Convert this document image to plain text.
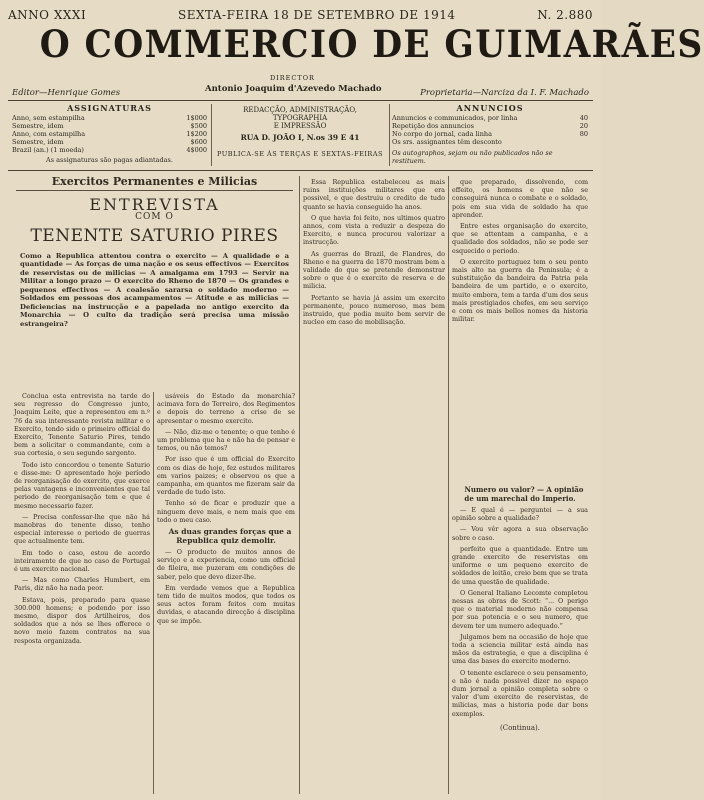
ANNO XXXI	SEXTA-FEIRA 18 DE SETEMBRO DE 1914	N. 2.880
O COMMERCIO DE GUIMARÃES
DIRECTOR
Antonio Joaquim d'Azevedo Machado
Editor—Henrique Gomes	Proprietaria—Narciza da I. F. Machado
ASSIGNATURAS
Anno, sem estampilha	1$000
Semestre, idem	$500
Anno, com estampilha	1$200
Semestre, idem	$600
Brazil (an.) (1 moeda)	4$000
As assignaturas são pagas adiantadas.
REDACÇÃO, ADMINISTRAÇÃO, TYPOGRAPHIA
E IMPRESSÃO
RUA D. JOÃO I, N.os 39 E 41
PUBLICA-SE ÁS TERÇAS E SEXTAS-FEIRAS
ANNUNCIOS
Annuncios e communicados, por linha	40
Repetição dos annuncios	20
No corpo do jornal, cada linha	80
Os srs. assignantes têm desconto
Os autographos, sejam ou não publicados não se restituem.
Exercitos Permanentes e Milicias
ENTREVISTA
COM O
TENENTE SATURIO PIRES
Como a Republica attentou contra o exercito — A qualidade e a quantidade — As forças de uma nação e os seus effectivos — Exercitos de reservistas ou de milicias — A amalgama em 1793 — Servir na Militar a longo prazo — O exercito do Rheno de 1870 — Os grandes e pequenos effectivos — A coalesão sararsa o soldado moderno — Soldados em pessoas dos acampamentos — Atitude e as milicias — Deficiencias na instrucção e a papelada no antigo exercito da Monarchia — O culto da tradição será precisa uma missão estrangeira?

Conclua esta entrevista na tarde do seu regresso do Congresso junto, Joaquim Leite, que a representou em n.º 76 da sua interessante revista militar e o Exercito, tendo sido o primeiro official do Exercito, Tenente Saturio Pires, tendo bem a solicitar o commandante, com a sua cortesia, o seu segundo sargento.

Todo isto concordou o tenente Saturio e disse-me: O apresentado hoje período de reorganisação do exercito, que exerce pelas vantagens e inconvenientes que tal periodo de reorganisação tem e que é mesmo necessario fazer.

— Precisa confessar-lhe que não há manobras do tenente disso, tenho especial interesse o periodo de guerras que actualmente tem.

Em todo o caso, estou de acordo inteiramente de que no caso de Portugal é um exercito nacional.

— Mas como Charles Humbert, em Paris, diz não ha nada peor.

Estava, pois, preparado para quase 300.000 homens; e podendo por isso mesmo, dispor dos Artilheiros, dos soldados que a nós se lhes offerece o novo meio fazem contratos na sua resposta organizada.

usáveis do Estado da monarchia? acimava fora do Terreiro, dos Regimentos e depois do terreno a crise de se apresentar o mesmo exercito.

— Não, diz-me o tenente; o que tenho é um problema que ha e não ha de pensar e temos, ou não temos?

Por isso que é um official do Exercito com os dias de hoje, fez estudos militares em varios paizes; e observou os que a campanha, em quantos me fizeram sair da verdade de tudo isto.

Tenho só de ficar e produzir que a ninguem deve mais, e nem mais que em todo o meu caso.

As duas grandes forças que a Republica quiz demolir.

— O producto de muitos annos de serviço e a experiencia, como um official de fileira, me puzeram em condições de saber, pelo que devo dizer-lhe.

Em verdade vemos que a Republica tem tido de muitos modos, que todos os seus actos foram feitos com muitas duvidas, e atacando direcção á disciplina que se impõe.

Essa Republica estabeleceu as mais ruins instituições militares que era possivel, e que destruiu o credito de tudo quanto se havia conseguido ha anos.

O que havia foi feito, nos ultimos quatro annos, com vista a reduzir a despeza do Exercito, e nunca procurou valorizar a instrucção.

As guerras do Brazil, de Flandres, do Rheno e na guerra de 1870 mostram bem a validade do que se pretende demonstrar sobre o que é o exercito de reserva e de milicia.

Portanto se havia já assim um exercito permanente, pouco numeroso, mas bem instruido, que podia muito bem servir de nucleo em caso de mobilisação.

que preparado, dissolvendo, com effeito, os homens e que não se conseguirá nunca o combate e o soldado, pois em sua vida de soldado ha que aprender.

Entre estes organisação do exercito, que se attentam a campanha, e a qualidade dos soldados, não se pode ser esquecido o periodo.

O exercito portuguez tem o seu ponto mais alto na guerra da Peninsula; é a substituição da bandeira da Patria pela bandeira de um partido, e o exercito, muito embora, tem a tarda d'um dos seus mais prestigiados chefes, em seu serviço e com os mais bellos nomes da historia militar.

Numero ou valor? — A opinião de um marechal do Imperio.

— E qual é — perguntei — a sua opinião sobre a qualidade?

— Vou vêr agora a sua observação sobre o caso.

perfeito que a quantidade. Entre um grande exercito de reservistas em uniforme e um pequeno exercito de soldados de leitão, creio bem que se trata de uma questão de qualidade.

O General Italiano Lecomte completou nessas as obras de Scott: “... O perigo que o material moderno não compensa por sua potencia e o seu numero, que devem ter um numero adequado.”

Julgamos bem na occasião de hoje que toda a sciencia militar está ainda nas mãos da estrategia, e que a disciplina é uma das bases do exercito moderno.

O tenente esclarece o seu pensamento, e não é nada possivel dizer no espaço dum jornal a opinião completa sobre o valor d'um exercito de reservistas, de milicias, mas a historia pode dar bons exemplos.

(Continua).
